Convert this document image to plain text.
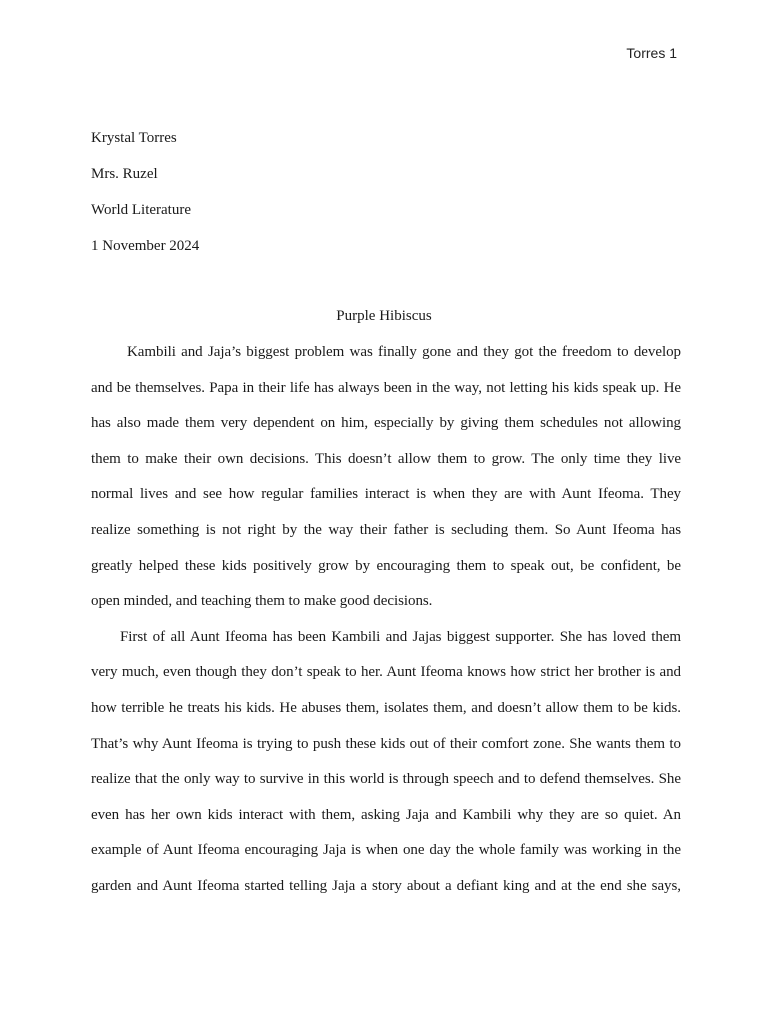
Torres 1
Krystal Torres
Mrs. Ruzel
World Literature
1 November 2024
Purple Hibiscus
Kambili and Jaja’s biggest problem was finally gone and they got the freedom to develop
and be themselves. Papa in their life has always been in the way, not letting his kids speak up. He
has also made them very dependent on him, especially by giving them schedules not allowing
them to make their own decisions. This doesn’t allow them to grow. The only time they live
normal lives and see how regular families interact is when they are with Aunt Ifeoma. They
realize something is not right by the way their father is secluding them. So Aunt Ifeoma has
greatly helped these kids positively grow by encouraging them to speak out, be confident, be
open minded, and teaching them to make good decisions.
First of all Aunt Ifeoma has been Kambili and Jajas biggest supporter. She has loved them
very much, even though they don’t speak to her. Aunt Ifeoma knows how strict her brother is and
how terrible he treats his kids. He abuses them, isolates them, and doesn’t allow them to be kids.
That’s why Aunt Ifeoma is trying to push these kids out of their comfort zone. She wants them to
realize that the only way to survive in this world is through speech and to defend themselves. She
even has her own kids interact with them, asking Jaja and Kambili why they are so quiet. An
example of Aunt Ifeoma encouraging Jaja is when one day the whole family was working in the
garden and Aunt Ifeoma started telling Jaja a story about a defiant king and at the end she says,
